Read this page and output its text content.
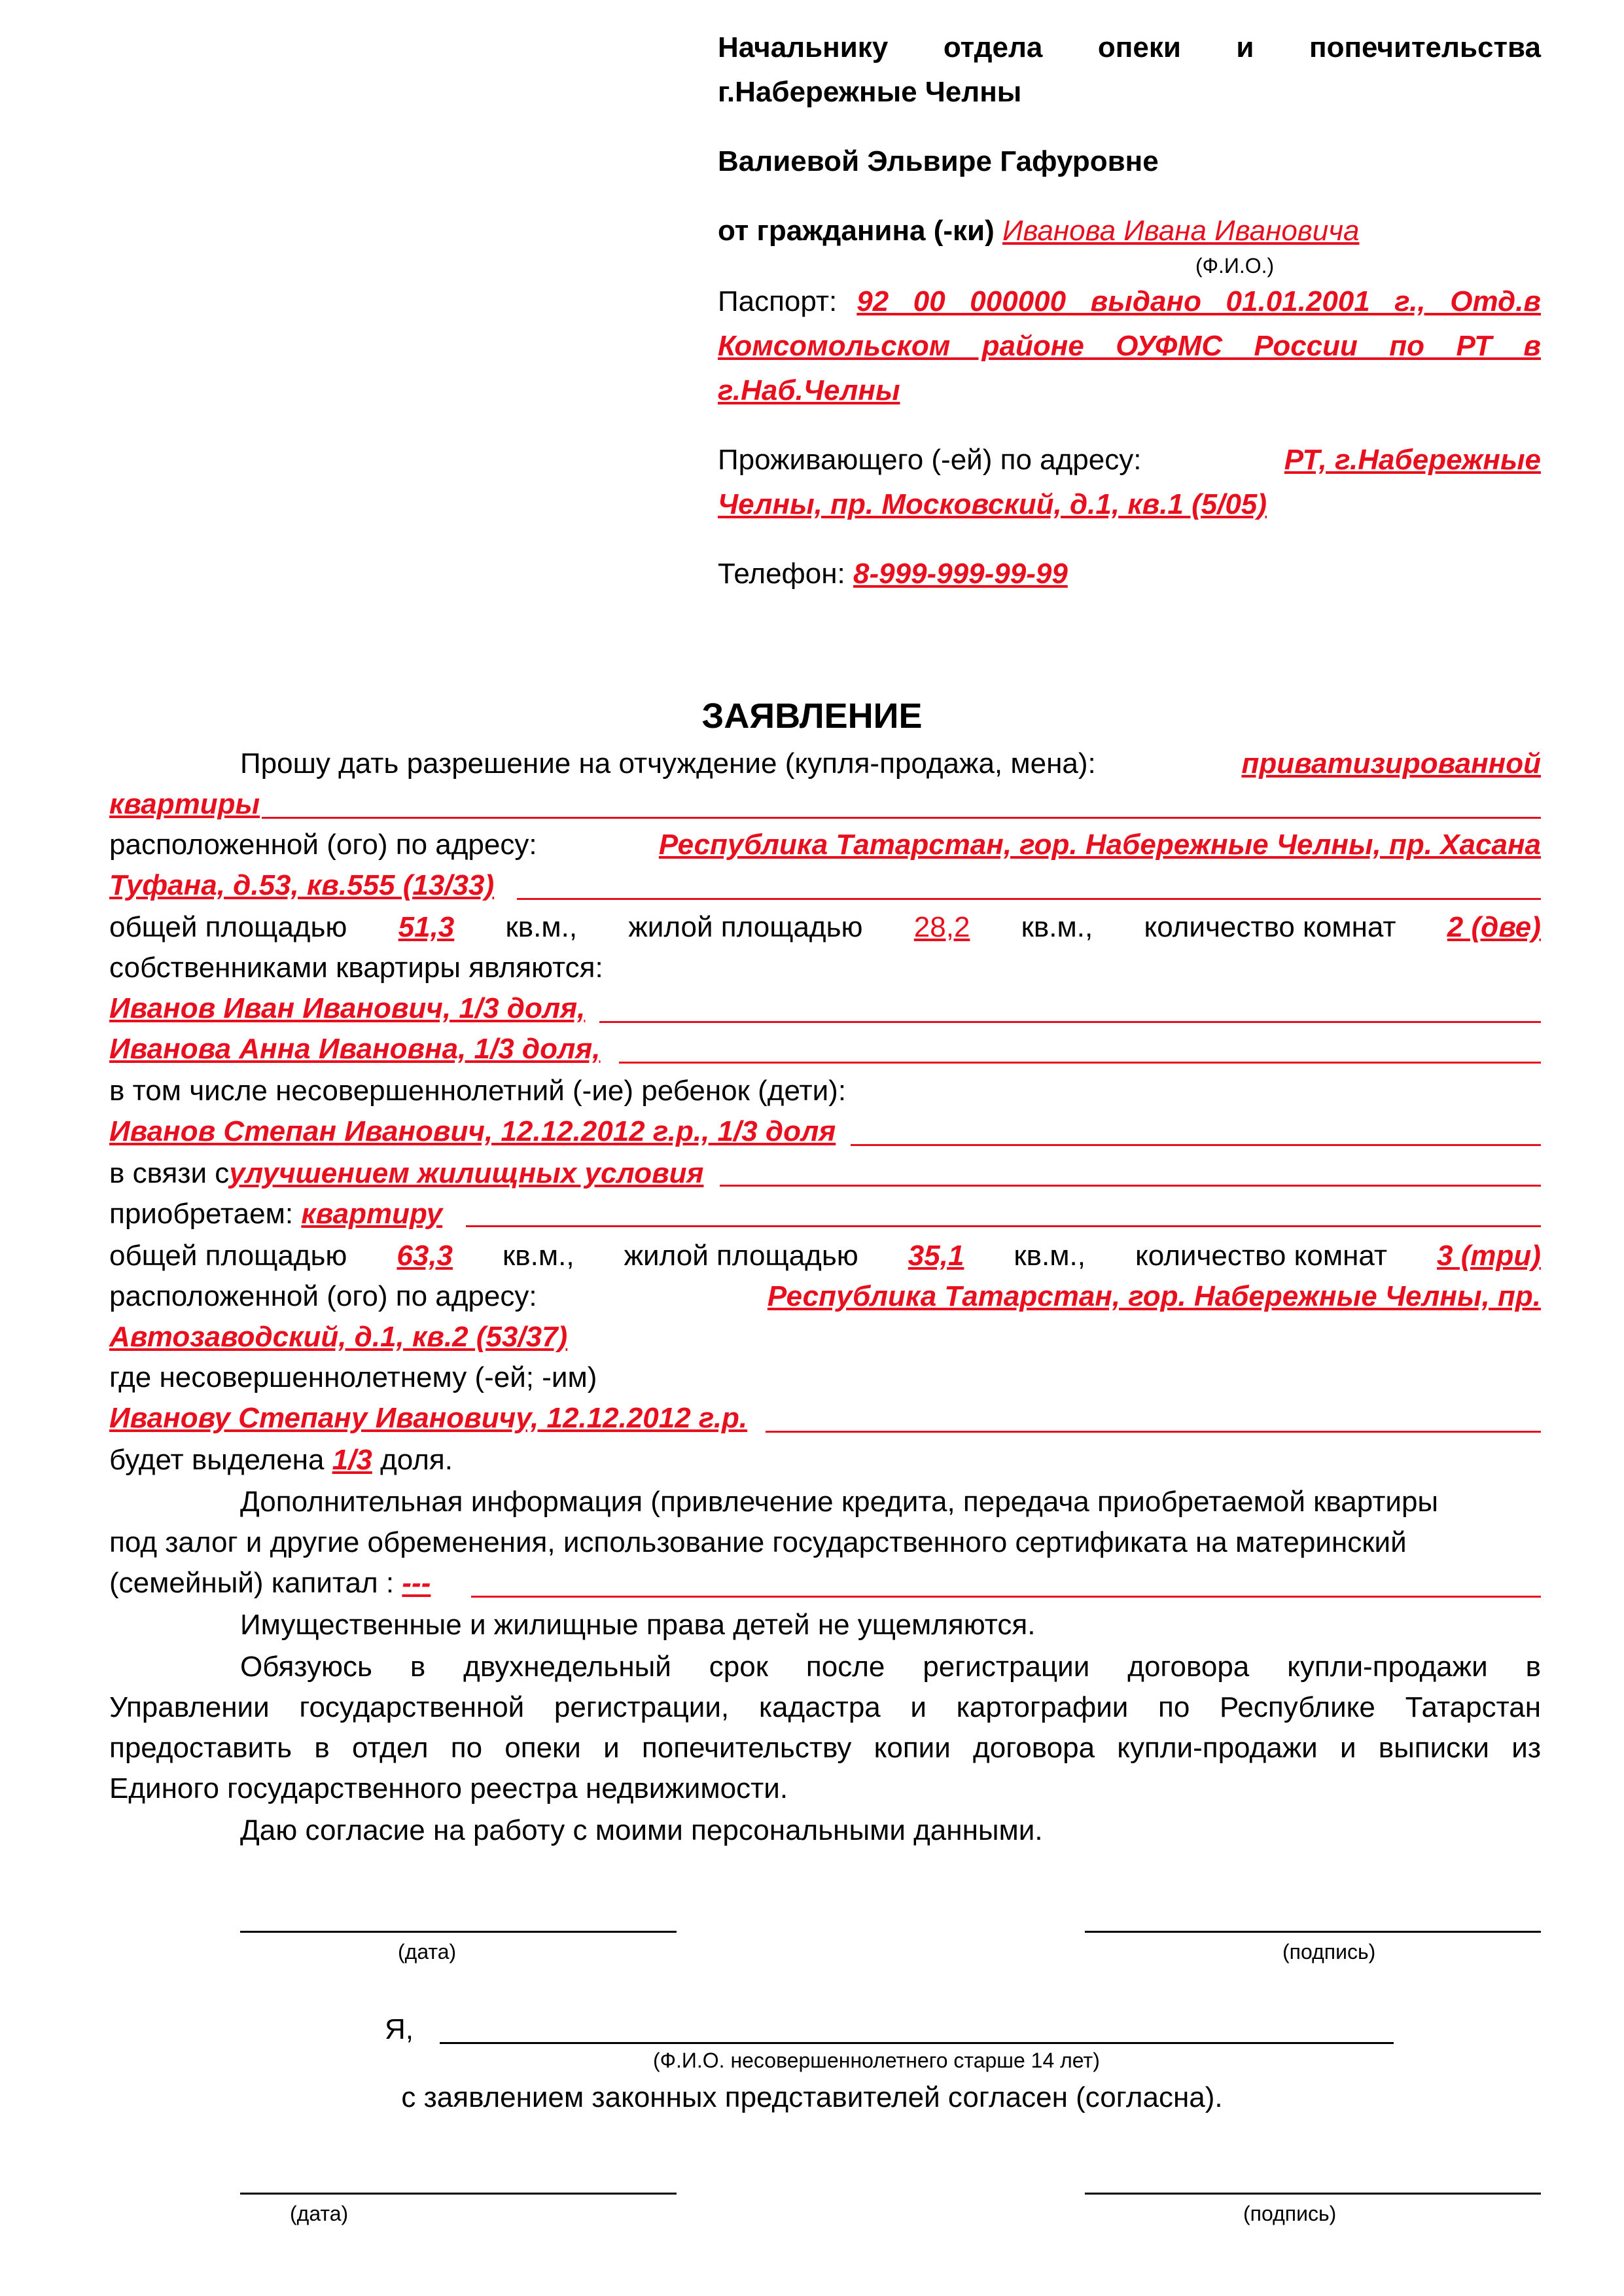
Начальнику отдела опеки и попечительства
г.Набережные Челны
Валиевой Эльвире Гафуровне
от гражданина (-ки) Иванова Ивана Ивановича
(Ф.И.О.)
Паспорт: 92 00 000000 выдано 01.01.2001 г., Отд.в
Комсомольском районе ОУФМС России по РТ в
г.Наб.Челны
Проживающего (-ей) по адресу:	РТ, г.Набережные
Челны, пр. Московский, д.1, кв.1 (5/05)
Телефон: 8-999-999-99-99
ЗАЯВЛЕНИЕ
Прошу дать разрешение на отчуждение (купля-продажа, мена):	приватизированной
квартиры
расположенной (ого) по адресу:	Республика Татарстан, гор. Набережные Челны, пр. Хасана
Туфана, д.53, кв.555 (13/33)
общей площадью 51,3 кв.м., жилой площадью 28,2 кв.м., количество комнат 2 (две)
собственниками квартиры являются:
Иванов Иван Иванович, 1/3 доля,
Иванова Анна Ивановна, 1/3 доля,
в том числе несовершеннолетний (-ие) ребенок (дети):
Иванов Степан Иванович, 12.12.2012 г.р., 1/3 доля
в связи сулучшением жилищных условия
приобретаем: квартиру
общей площадью 63,3 кв.м., жилой площадью 35,1 кв.м., количество комнат 3 (три)
расположенной (ого) по адресу:	Республика Татарстан, гор. Набережные Челны, пр.
Автозаводский, д.1, кв.2 (53/37)
где несовершеннолетнему (-ей; -им)
Иванову Степану Ивановичу, 12.12.2012 г.р.
будет выделена 1/3 доля.
Дополнительная информация (привлечение кредита, передача приобретаемой квартиры
под залог и другие обременения, использование государственного сертификата на материнский
(семейный) капитал : ---
Имущественные и жилищные права детей не ущемляются.
Обязуюсь в двухнедельный срок после регистрации договора купли-продажи в
Управлении государственной регистрации, кадастра и картографии по Республике Татарстан
предоставить в отдел по опеки и попечительству копии договора купли-продажи и выписки из
Единого государственного реестра недвижимости.
Даю согласие на работу с моими персональными данными.
(дата)	(подпись)
Я,
(Ф.И.О. несовершеннолетнего старше 14 лет)
с заявлением законных представителей согласен (согласна).
(дата)	(подпись)
